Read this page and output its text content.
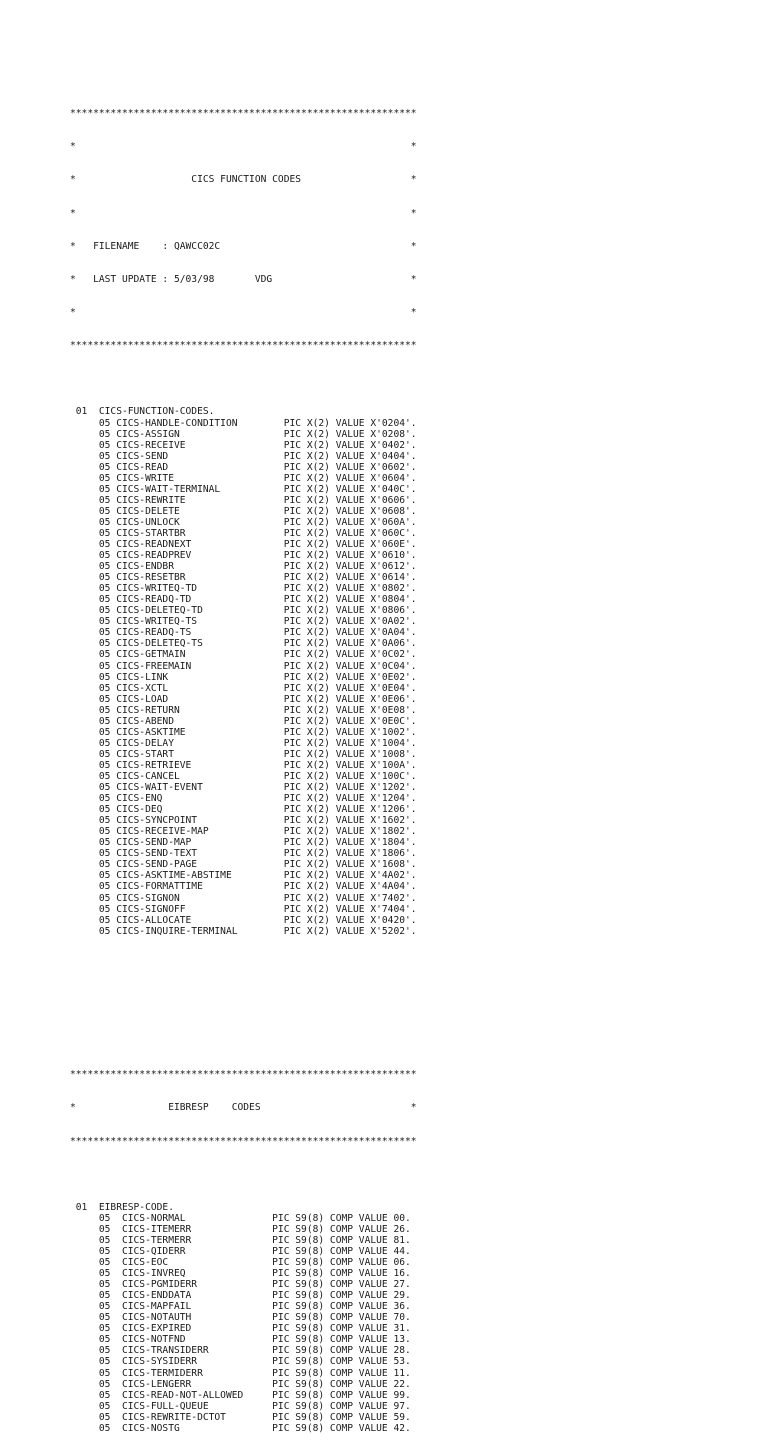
************************************************************

*                                                          *

*                    CICS FUNCTION CODES                   *

*                                                          *

*   FILENAME    : QAWCC02C                                 *

*   LAST UPDATE : 5/03/98       VDG                        *

*                                                          *

************************************************************

01  CICS-FUNCTION-CODES.
05 CICS-HANDLE-CONDITION        PIC X(2) VALUE X'0204'.
05 CICS-ASSIGN                  PIC X(2) VALUE X'0208'.
05 CICS-RECEIVE                 PIC X(2) VALUE X'0402'.
05 CICS-SEND                    PIC X(2) VALUE X'0404'.
05 CICS-READ                    PIC X(2) VALUE X'0602'.
05 CICS-WRITE                   PIC X(2) VALUE X'0604'.
05 CICS-WAIT-TERMINAL           PIC X(2) VALUE X'040C'.
05 CICS-REWRITE                 PIC X(2) VALUE X'0606'.
05 CICS-DELETE                  PIC X(2) VALUE X'0608'.
05 CICS-UNLOCK                  PIC X(2) VALUE X'060A'.
05 CICS-STARTBR                 PIC X(2) VALUE X'060C'.
05 CICS-READNEXT                PIC X(2) VALUE X'060E'.
05 CICS-READPREV                PIC X(2) VALUE X'0610'.
05 CICS-ENDBR                   PIC X(2) VALUE X'0612'.
05 CICS-RESETBR                 PIC X(2) VALUE X'0614'.
05 CICS-WRITEQ-TD               PIC X(2) VALUE X'0802'.
05 CICS-READQ-TD                PIC X(2) VALUE X'0804'.
05 CICS-DELETEQ-TD              PIC X(2) VALUE X'0806'.
05 CICS-WRITEQ-TS               PIC X(2) VALUE X'0A02'.
05 CICS-READQ-TS                PIC X(2) VALUE X'0A04'.
05 CICS-DELETEQ-TS              PIC X(2) VALUE X'0A06'.
05 CICS-GETMAIN                 PIC X(2) VALUE X'0C02'.
05 CICS-FREEMAIN                PIC X(2) VALUE X'0C04'.
05 CICS-LINK                    PIC X(2) VALUE X'0E02'.
05 CICS-XCTL                    PIC X(2) VALUE X'0E04'.
05 CICS-LOAD                    PIC X(2) VALUE X'0E06'.
05 CICS-RETURN                  PIC X(2) VALUE X'0E08'.
05 CICS-ABEND                   PIC X(2) VALUE X'0E0C'.
05 CICS-ASKTIME                 PIC X(2) VALUE X'1002'.
05 CICS-DELAY                   PIC X(2) VALUE X'1004'.
05 CICS-START                   PIC X(2) VALUE X'1008'.
05 CICS-RETRIEVE                PIC X(2) VALUE X'100A'.
05 CICS-CANCEL                  PIC X(2) VALUE X'100C'.
05 CICS-WAIT-EVENT              PIC X(2) VALUE X'1202'.
05 CICS-ENQ                     PIC X(2) VALUE X'1204'.
05 CICS-DEQ                     PIC X(2) VALUE X'1206'.
05 CICS-SYNCPOINT               PIC X(2) VALUE X'1602'.
05 CICS-RECEIVE-MAP             PIC X(2) VALUE X'1802'.
05 CICS-SEND-MAP                PIC X(2) VALUE X'1804'.
05 CICS-SEND-TEXT               PIC X(2) VALUE X'1806'.
05 CICS-SEND-PAGE               PIC X(2) VALUE X'1608'.
05 CICS-ASKTIME-ABSTIME         PIC X(2) VALUE X'4A02'.
05 CICS-FORMATTIME              PIC X(2) VALUE X'4A04'.
05 CICS-SIGNON                  PIC X(2) VALUE X'7402'.
05 CICS-SIGNOFF                 PIC X(2) VALUE X'7404'.
05 CICS-ALLOCATE                PIC X(2) VALUE X'0420'.
05 CICS-INQUIRE-TERMINAL        PIC X(2) VALUE X'5202'.

************************************************************

*                EIBRESP    CODES                          *

************************************************************

01  EIBRESP-CODE.
05  CICS-NORMAL               PIC S9(8) COMP VALUE 00.
05  CICS-ITEMERR              PIC S9(8) COMP VALUE 26.
05  CICS-TERMERR              PIC S9(8) COMP VALUE 81.
05  CICS-QIDERR               PIC S9(8) COMP VALUE 44.
05  CICS-EOC                  PIC S9(8) COMP VALUE 06.
05  CICS-INVREQ               PIC S9(8) COMP VALUE 16.
05  CICS-PGMIDERR             PIC S9(8) COMP VALUE 27.
05  CICS-ENDDATA              PIC S9(8) COMP VALUE 29.
05  CICS-MAPFAIL              PIC S9(8) COMP VALUE 36.
05  CICS-NOTAUTH              PIC S9(8) COMP VALUE 70.
05  CICS-EXPIRED              PIC S9(8) COMP VALUE 31.
05  CICS-NOTFND               PIC S9(8) COMP VALUE 13.
05  CICS-TRANSIDERR           PIC S9(8) COMP VALUE 28.
05  CICS-SYSIDERR             PIC S9(8) COMP VALUE 53.
05  CICS-TERMIDERR            PIC S9(8) COMP VALUE 11.
05  CICS-LENGERR              PIC S9(8) COMP VALUE 22.
05  CICS-READ-NOT-ALLOWED     PIC S9(8) COMP VALUE 99.
05  CICS-FULL-QUEUE           PIC S9(8) COMP VALUE 97.
05  CICS-REWRITE-DCTOT        PIC S9(8) COMP VALUE 59.
05  CICS-NOSTG                PIC S9(8) COMP VALUE 42.
